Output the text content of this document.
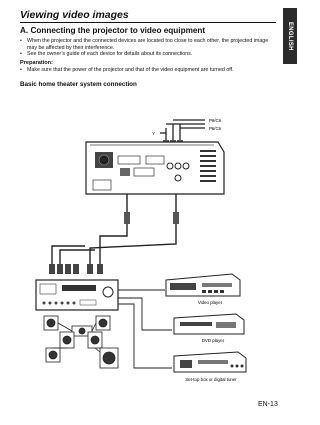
Viewing video images
ENGLISH
A. Connecting the projector to video equipment
• When the projector and the connected devices are located too close to each other, the projected image may be affected by their interference.
• See the owner’s guide of each device for details about its connections.
Preparation:
• Make sure that the power of the projector and that of the video equipment are turned off.
Basic home theater system connection
Pʀ/Cʀ
Pʙ/Cʙ
Y
Video player
DVD player
Set-top box or digital tuner
EN-13
